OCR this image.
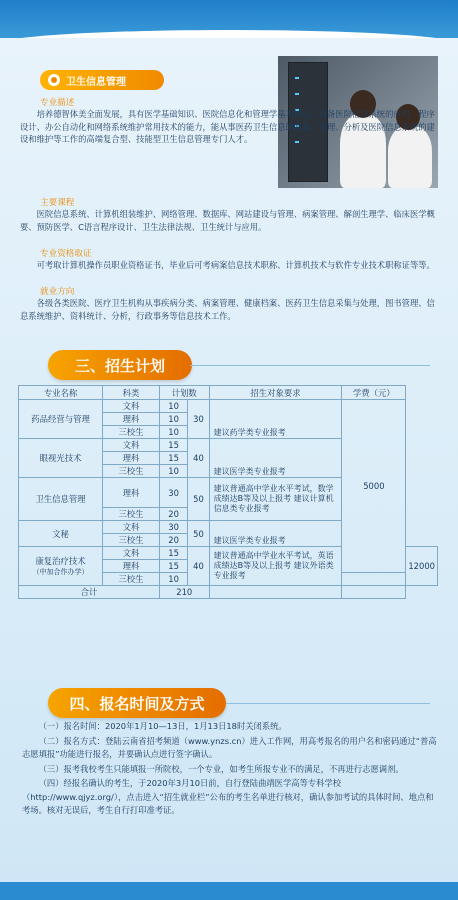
卫生信息管理
专业描述

培养德智体美全面发展，具有医学基础知识、医院信息化和管理学基本知识，具备医院信息系统的应用、程序设计、办公自动化和网络系统维护常用技术的能力，能从事医药卫生信息的收集、处理、分析及医院信息系统的建设和维护等工作的高端复合型、技能型卫生信息管理专门人才。

主要课程

医院信息系统、计算机组装维护、网络管理、数据库、网站建设与管理、病案管理、解剖生理学、临床医学概要、预防医学、C语言程序设计、卫生法律法规、卫生统计与应用。

专业资格取证

可考取计算机操作员职业资格证书，毕业后可考病案信息技术职称、计算机技术与软件专业技术职称证等等。

就业方向

各级各类医院、医疗卫生机构从事疾病分类、病案管理、健康档案、医药卫生信息采集与处理，图书管理、信息系统维护、资料统计、分析，行政事务等信息技术工作。

三、招生计划
四、报名时间及方式
专业名称	科类	计划数		招生对象要求	学费（元）	
药品经营与管理	文科	10	30	建议药学类专业报考	5000	
	理科	10				
	三校生	10				
眼视光技术	文科	15	40	建议医学类专业报考		
	理科	15				
	三校生	10				
卫生信息管理	理科	30	50	建议普通高中学业水平考试，数学成绩达B等及以上报考 建议计算机信息类专业报考		
	三校生	20				
文秘	文科	30	50	建议医学类专业报考		
	三校生	20				

康复治疗技术
（中加合作办学）	文科	15	40	建议普通高中学业水平考试，英语成绩达B等及以上报考 建议外语类专业报考		12000
	理科	15				
	三校生	10				
合计		210				

（一）报名时间：2020年1月10—13日，1月13日18时关闭系统。

（二）报名方式：登陆云南省招考频道（www.ynzs.cn）进入工作网，用高考报名的用户名和密码通过“普高志愿填报”功能进行报名，并要确认点进行签字确认。

（三）报考我校考生只能填报一所院校，一个专业，如考生所报专业不的满足，不再进行志愿调剂。

（四）经报名确认的考生，于2020年3月10日前，自行登陆曲靖医学高等专科学校（http://www.qjyz.org/），点击进入“招生就业栏”公布的考生名单进行核对，确认参加考试的具体时间、地点和考场。核对无误后，考生自行打印准考证。
